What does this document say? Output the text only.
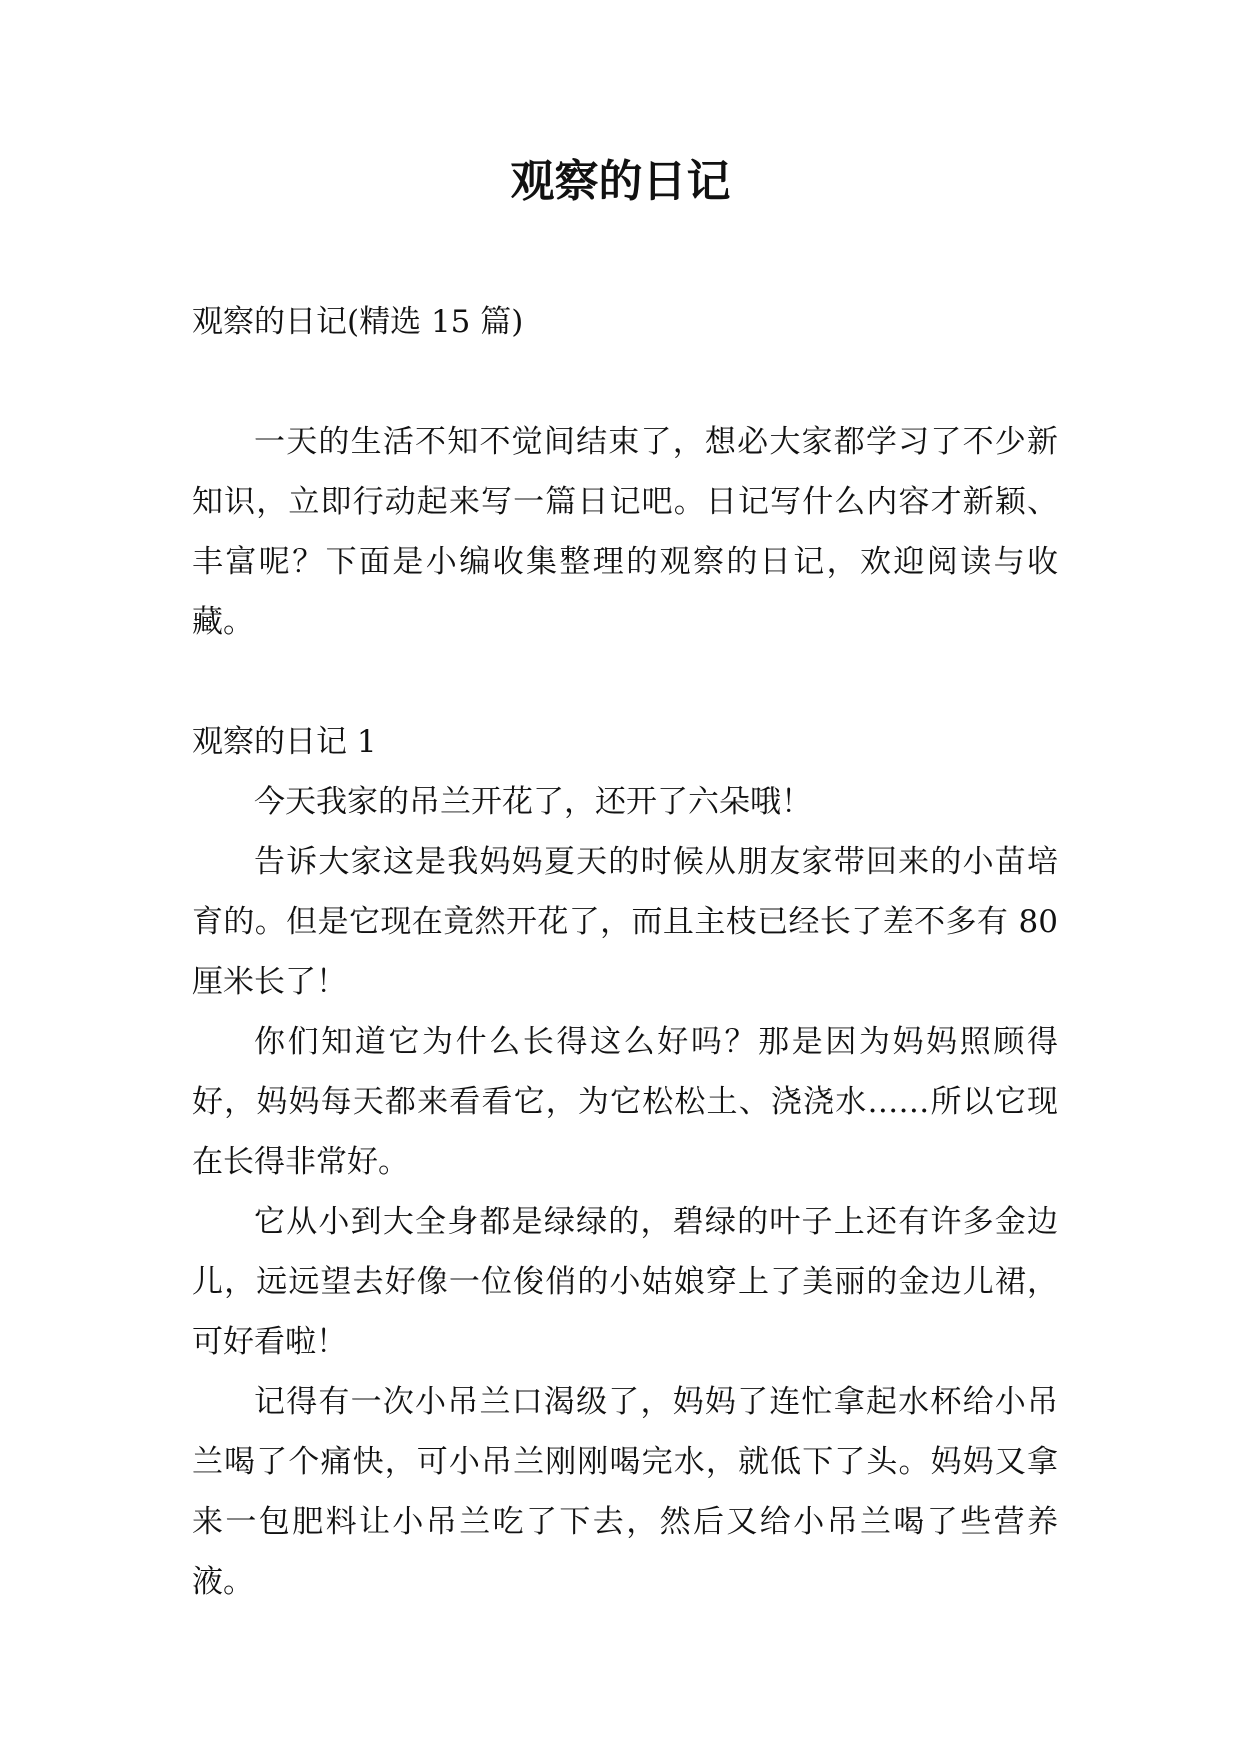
观察的日记

观察的日记(精选 15 篇)

一天的生活不知不觉间结束了，想必大家都学习了不少新知识，立即行动起来写一篇日记吧。日记写什么内容才新颖、丰富呢？下面是小编收集整理的观察的日记，欢迎阅读与收藏。

观察的日记 1

今天我家的吊兰开花了，还开了六朵哦！

告诉大家这是我妈妈夏天的时候从朋友家带回来的小苗培育的。但是它现在竟然开花了，而且主枝已经长了差不多有 80 厘米长了！

你们知道它为什么长得这么好吗？那是因为妈妈照顾得好，妈妈每天都来看看它，为它松松土、浇浇水……所以它现在长得非常好。

它从小到大全身都是绿绿的，碧绿的叶子上还有许多金边儿，远远望去好像一位俊俏的小姑娘穿上了美丽的金边儿裙，可好看啦！

记得有一次小吊兰口渴级了，妈妈了连忙拿起水杯给小吊兰喝了个痛快，可小吊兰刚刚喝完水，就低下了头。妈妈又拿来一包肥料让小吊兰吃了下去，然后又给小吊兰喝了些营养液。
